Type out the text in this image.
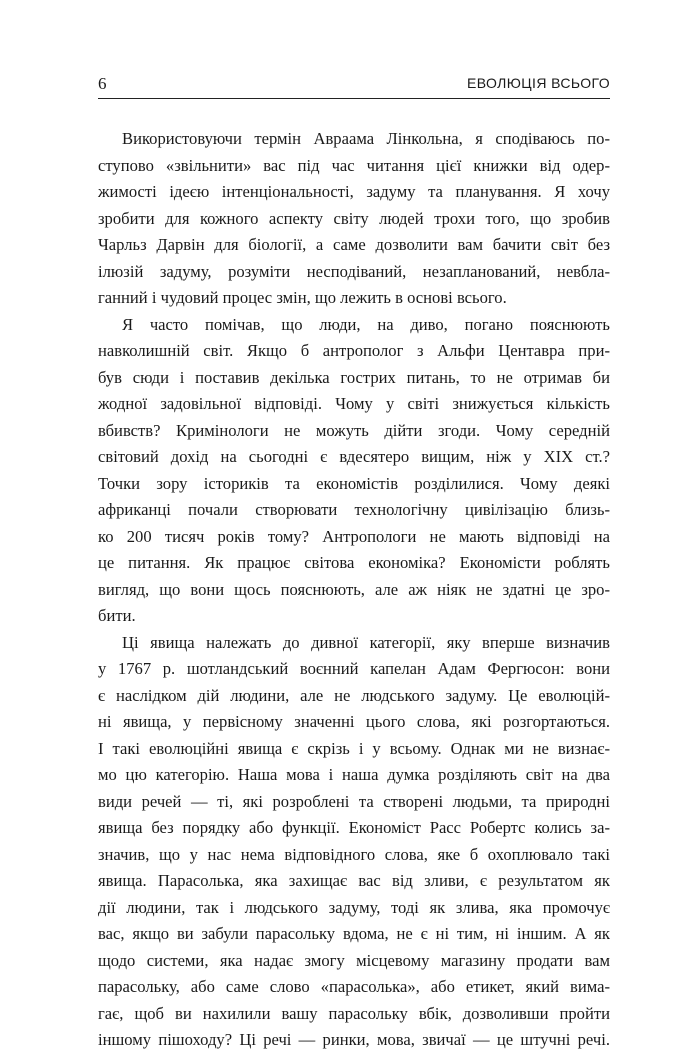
6	ЕВОЛЮЦІЯ ВСЬОГО
Використовуючи термін Авраама Лінкольна, я сподіваюсь по-
ступово «звільнити» вас під час читання цієї книжки від одер-
жимості ідеєю інтенціональності, задуму та планування. Я хочу
зробити для кожного аспекту світу людей трохи того, що зробив
Чарльз Дарвін для біології, а саме дозволити вам бачити світ без
ілюзій задуму, розуміти несподіваний, незапланований, невбла-
ганний і чудовий процес змін, що лежить в основі всього.
Я часто помічав, що люди, на диво, погано пояснюють
навколишній світ. Якщо б антрополог з Альфи Центавра при-
був сюди і поставив декілька гострих питань, то не отримав би
жодної задовільної відповіді. Чому у світі знижується кількість
вбивств? Кримінологи не можуть дійти згоди. Чому середній
світовий дохід на сьогодні є вдесятеро вищим, ніж у XIX ст.?
Точки зору істориків та економістів розділилися. Чому деякі
африканці почали створювати технологічну цивілізацію близь-
ко 200 тисяч років тому? Антропологи не мають відповіді на
це питання. Як працює світова економіка? Економісти роблять
вигляд, що вони щось пояснюють, але аж ніяк не здатні це зро-
бити.
Ці явища належать до дивної категорії, яку вперше визначив
у 1767 р. шотландський воєнний капелан Адам Фергюсон: вони
є наслідком дій людини, але не людського задуму. Це еволюцій-
ні явища, у первісному значенні цього слова, які розгортаються.
І такі еволюційні явища є скрізь і у всьому. Однак ми не визнає-
мо цю категорію. Наша мова і наша думка розділяють світ на два
види речей — ті, які розроблені та створені людьми, та природні
явища без порядку або функції. Економіст Расс Робертс колись за-
значив, що у нас нема відповідного слова, яке б охоплювало такі
явища. Парасолька, яка захищає вас від зливи, є результатом як
дії людини, так і людського задуму, тоді як злива, яка промочує
вас, якщо ви забули парасольку вдома, не є ні тим, ні іншим. А як
щодо системи, яка надає змогу місцевому магазину продати вам
парасольку, або саме слово «парасолька», або етикет, який вима-
гає, щоб ви нахилили вашу парасольку вбік, дозволивши пройти
іншому пішоходу? Ці речі — ринки, мова, звичаї — це штучні речі.
